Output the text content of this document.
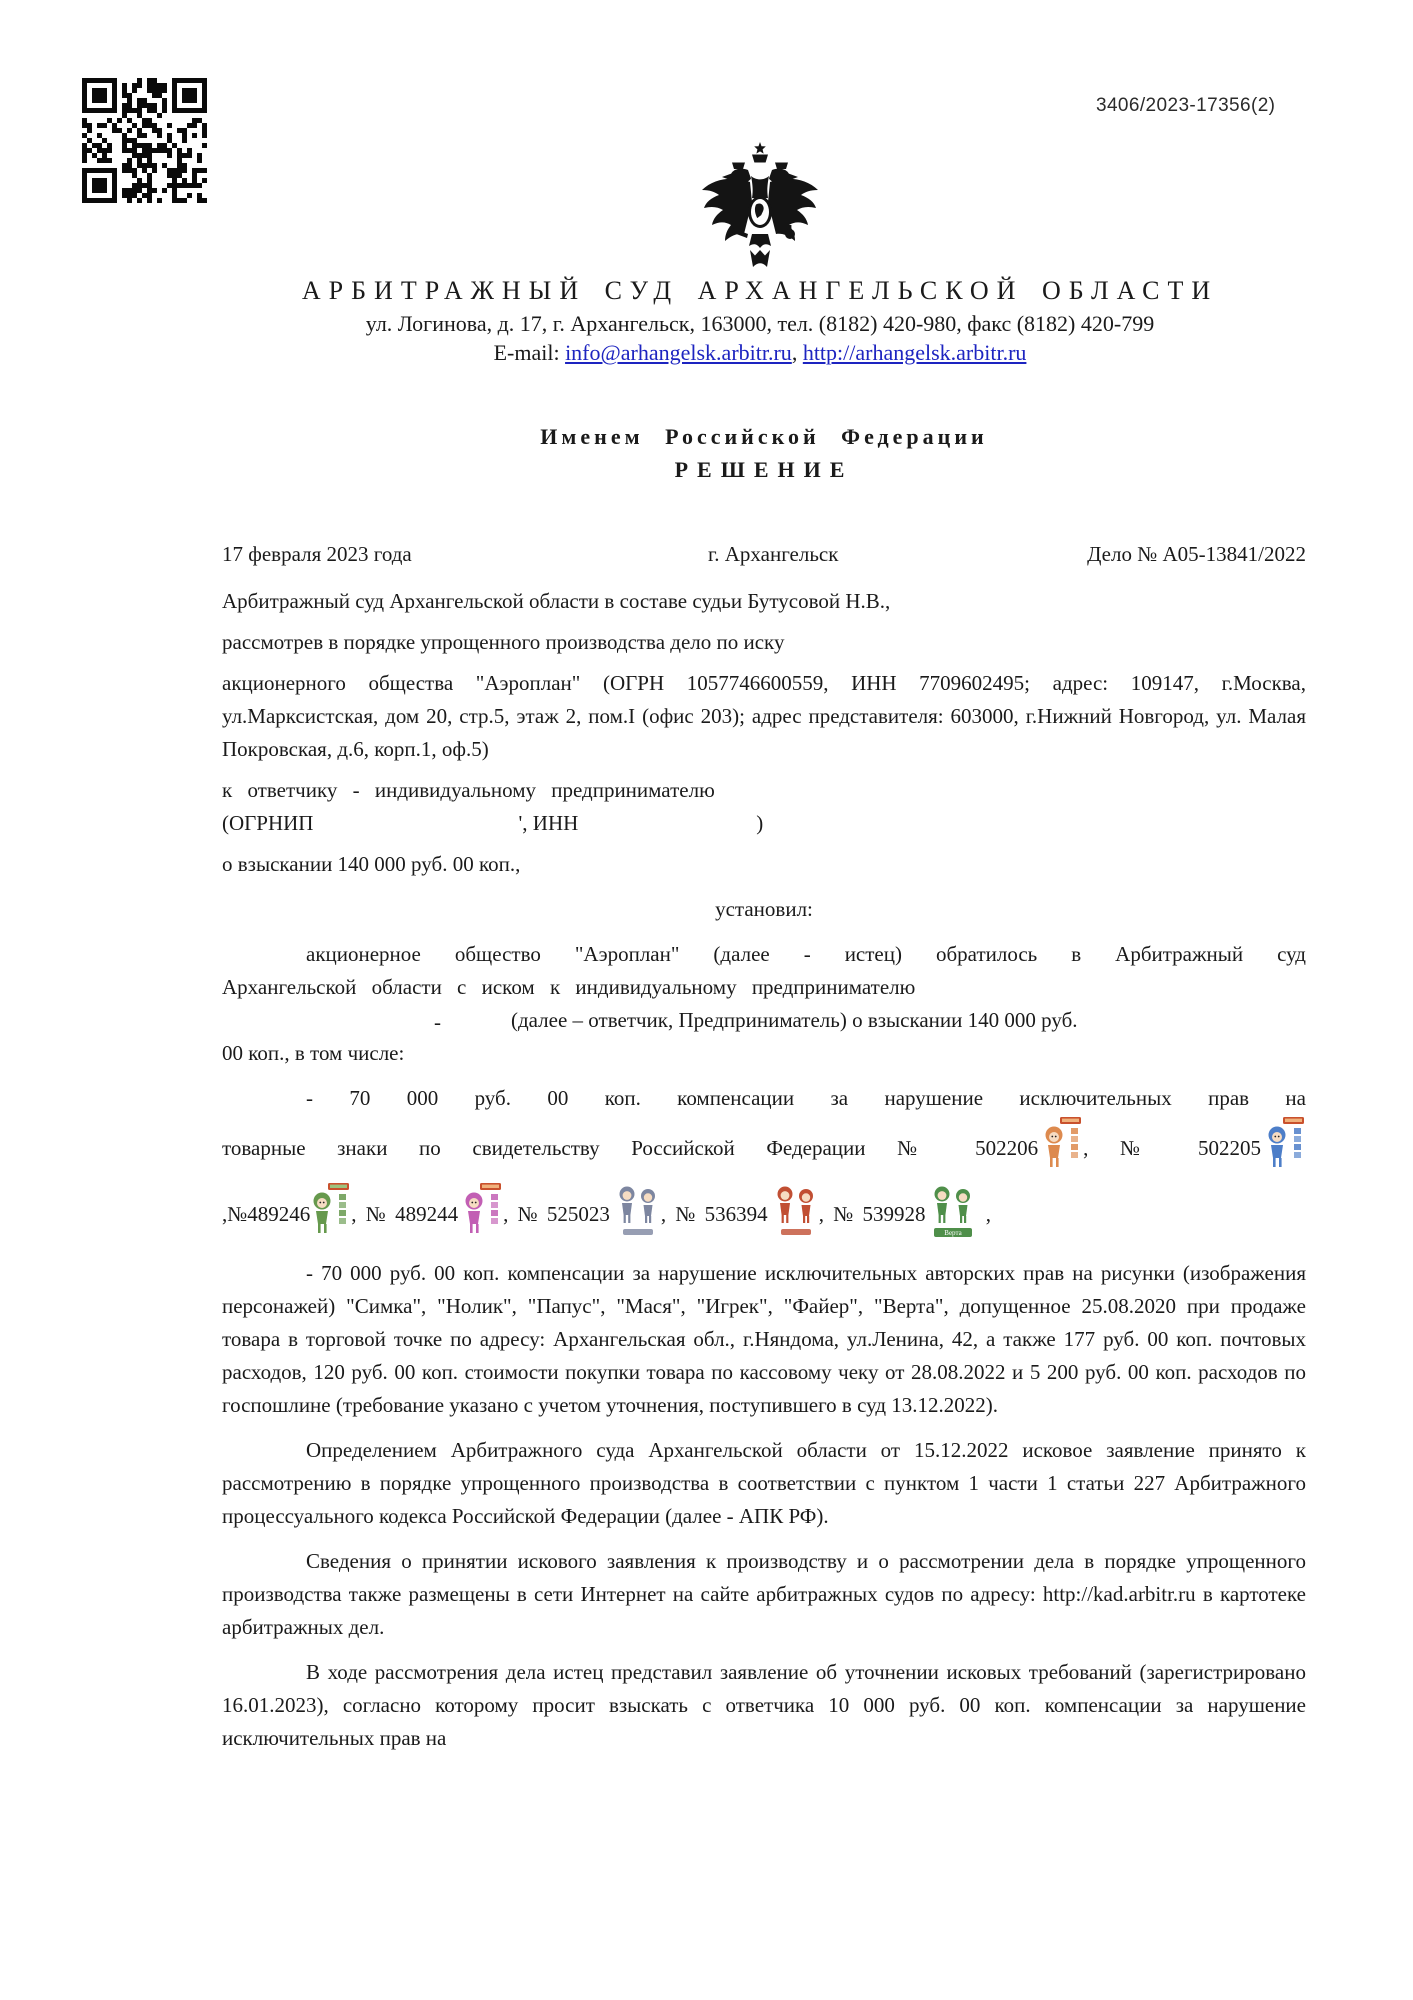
3406/2023-17356(2)
АРБИТРАЖНЫЙ СУД АРХАНГЕЛЬСКОЙ ОБЛАСТИ
ул. Логинова, д. 17, г. Архангельск, 163000, тел. (8182) 420-980, факс (8182) 420-799
E-mail: info@arhangelsk.arbitr.ru, http://arhangelsk.arbitr.ru
Именем Российской Федерации
РЕШЕНИЕ
17 февраля 2023 года	г. Архангельск	Дело № А05-13841/2022

Арбитражный суд Архангельской области в составе судьи Бутусовой Н.В.,

рассмотрев в порядке упрощенного производства дело по иску

акционерного общества "Аэроплан" (ОГРН 1057746600559, ИНН 7709602495; адрес: 109147, г.Москва, ул.Марксистская, дом 20, стр.5, этаж 2, пом.I (офис 203); адрес представителя: 603000, г.Нижний Новгород, ул. Малая Покровская, д.6, корп.1, оф.5)

к ответчику - индивидуальному предпринимателю

(ОГРНИП	', ИНН	)

о взыскании 140 000 руб. 00 коп.,

установил:
акционерное общество "Аэроплан" (далее - истец) обратилось в Арбитражный суд
Архангельской области с иском к индивидуальному предпринимателю
-	(далее – ответчик, Предприниматель) о взыскании 140 000 руб.
00 коп., в том числе:
- 70 000 руб. 00 коп. компенсации за нарушение исключительных прав на
товарные знаки по свидетельству Российской Федерации № 502206 , № 502205
,№489246 , № 489244 , № 525023 , № 536394 , № 539928
Верта
,

- 70 000 руб. 00 коп. компенсации за нарушение исключительных авторских прав на рисунки (изображения персонажей) "Симка", "Нолик", "Папус", "Мася", "Игрек", "Файер", "Верта", допущенное 25.08.2020 при продаже товара в торговой точке по адресу: Архангельская обл., г.Няндома, ул.Ленина, 42, а также 177 руб. 00 коп. почтовых расходов, 120 руб. 00 коп. стоимости покупки товара по кассовому чеку от 28.08.2022 и 5 200 руб. 00 коп. расходов по госпошлине (требование указано с учетом уточнения, поступившего в суд 13.12.2022).

Определением Арбитражного суда Архангельской области от 15.12.2022 исковое заявление принято к рассмотрению в порядке упрощенного производства в соответствии с пунктом 1 части 1 статьи 227 Арбитражного процессуального кодекса Российской Федерации (далее - АПК РФ).

Сведения о принятии искового заявления к производству и о рассмотрении дела в порядке упрощенного производства также размещены в сети Интернет на сайте арбитражных судов по адресу: http://kad.arbitr.ru в картотеке арбитражных дел.

В ходе рассмотрения дела истец представил заявление об уточнении исковых требований (зарегистрировано 16.01.2023), согласно которому просит взыскать с ответчика 10 000 руб. 00 коп. компенсации за нарушение исключительных прав на
